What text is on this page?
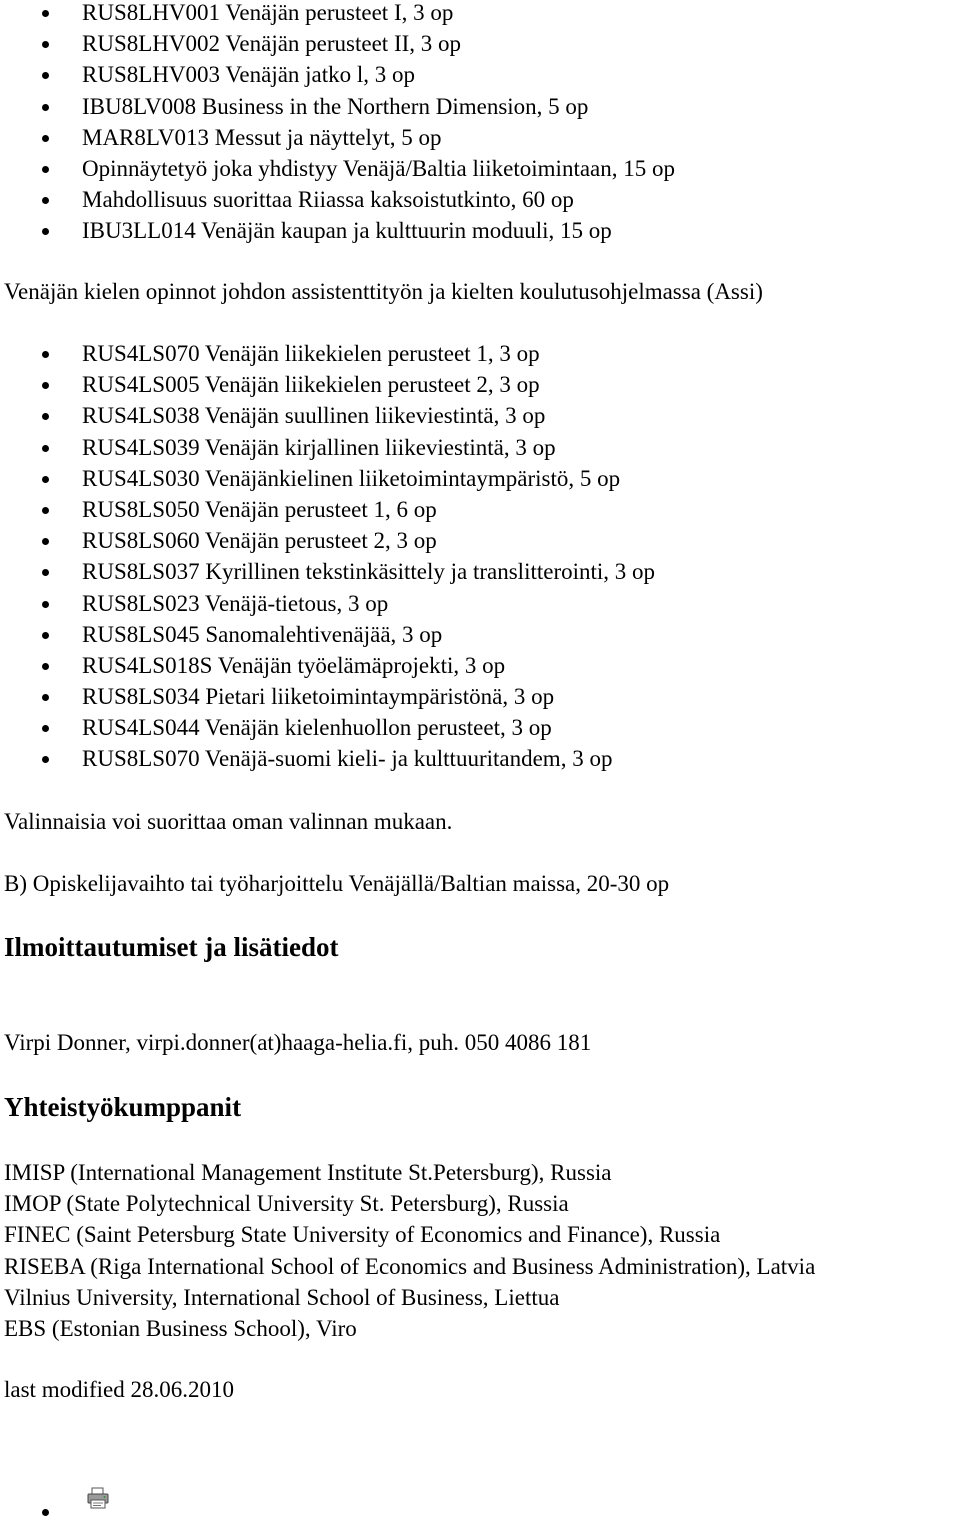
RUS8LHV001 Venäjän perusteet I, 3 op
RUS8LHV002 Venäjän perusteet II, 3 op
RUS8LHV003 Venäjän jatko l, 3 op
IBU8LV008 Business in the Northern Dimension, 5 op
MAR8LV013 Messut ja näyttelyt, 5 op
Opinnäytetyö joka yhdistyy Venäjä/Baltia liiketoimintaan, 15 op
Mahdollisuus suorittaa Riiassa kaksoistutkinto, 60 op
IBU3LL014 Venäjän kaupan ja kulttuurin moduuli, 15 op

Venäjän kielen opinnot johdon assistenttityön ja kielten koulutusohjelmassa (Assi)

RUS4LS070 Venäjän liikekielen perusteet 1, 3 op
RUS4LS005 Venäjän liikekielen perusteet 2, 3 op
RUS4LS038 Venäjän suullinen liikeviestintä, 3 op
RUS4LS039 Venäjän kirjallinen liikeviestintä, 3 op
RUS4LS030 Venäjänkielinen liiketoimintaympäristö, 5 op
RUS8LS050 Venäjän perusteet 1, 6 op
RUS8LS060 Venäjän perusteet 2, 3 op
RUS8LS037 Kyrillinen tekstinkäsittely ja translitterointi, 3 op
RUS8LS023 Venäjä-tietous, 3 op
RUS8LS045 Sanomalehtivenäjää, 3 op
RUS4LS018S Venäjän työelämäprojekti, 3 op
RUS8LS034 Pietari liiketoimintaympäristönä, 3 op
RUS4LS044 Venäjän kielenhuollon perusteet, 3 op
RUS8LS070 Venäjä-suomi kieli- ja kulttuuritandem, 3 op

Valinnaisia voi suorittaa oman valinnan mukaan.

B) Opiskelijavaihto tai työharjoittelu Venäjällä/Baltian maissa, 20-30 op

Ilmoittautumiset ja lisätiedot

Virpi Donner, virpi.donner(at)haaga-helia.fi, puh. 050 4086 181

Yhteistyökumppanit
IMISP (International Management Institute St.Petersburg), Russia
IMOP (State Polytechnical University St. Petersburg), Russia
FINEC (Saint Petersburg State University of Economics and Finance), Russia
RISEBA (Riga International School of Economics and Business Administration), Latvia
Vilnius University, International School of Business, Liettua
EBS (Estonian Business School), Viro

last modified 28.06.2010
